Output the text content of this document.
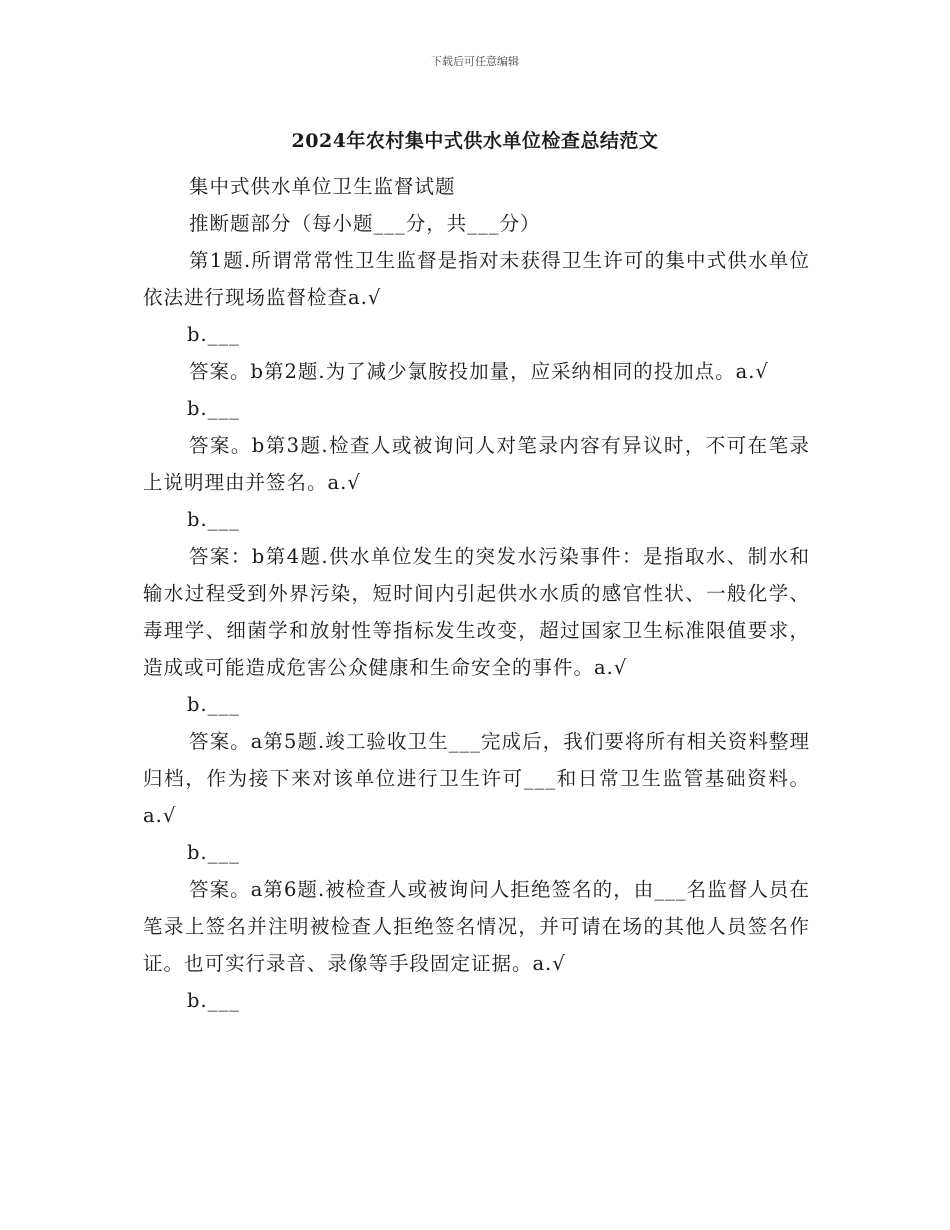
下载后可任意编辑
2024年农村集中式供水单位检查总结范文

集中式供水单位卫生监督试题

推断题部分（每小题___分，共___分）

第1题.所谓常常性卫生监督是指对未获得卫生许可的集中式供水单位依法进行现场监督检查a.√

b.___

答案。b第2题.为了减少氯胺投加量，应采纳相同的投加点。a.√

b.___

答案。b第3题.检查人或被询问人对笔录内容有异议时，不可在笔录上说明理由并签名。a.√

b.___

答案：b第4题.供水单位发生的突发水污染事件：是指取水、制水和输水过程受到外界污染，短时间内引起供水水质的感官性状、一般化学、毒理学、细菌学和放射性等指标发生改变，超过国家卫生标准限值要求，造成或可能造成危害公众健康和生命安全的事件。a.√

b.___

答案。a第5题.竣工验收卫生___完成后，我们要将所有相关资料整理归档，作为接下来对该单位进行卫生许可___和日常卫生监管基础资料。a.√

b.___

答案。a第6题.被检查人或被询问人拒绝签名的，由___名监督人员在笔录上签名并注明被检查人拒绝签名情况，并可请在场的其他人员签名作证。也可实行录音、录像等手段固定证据。a.√

b.___
